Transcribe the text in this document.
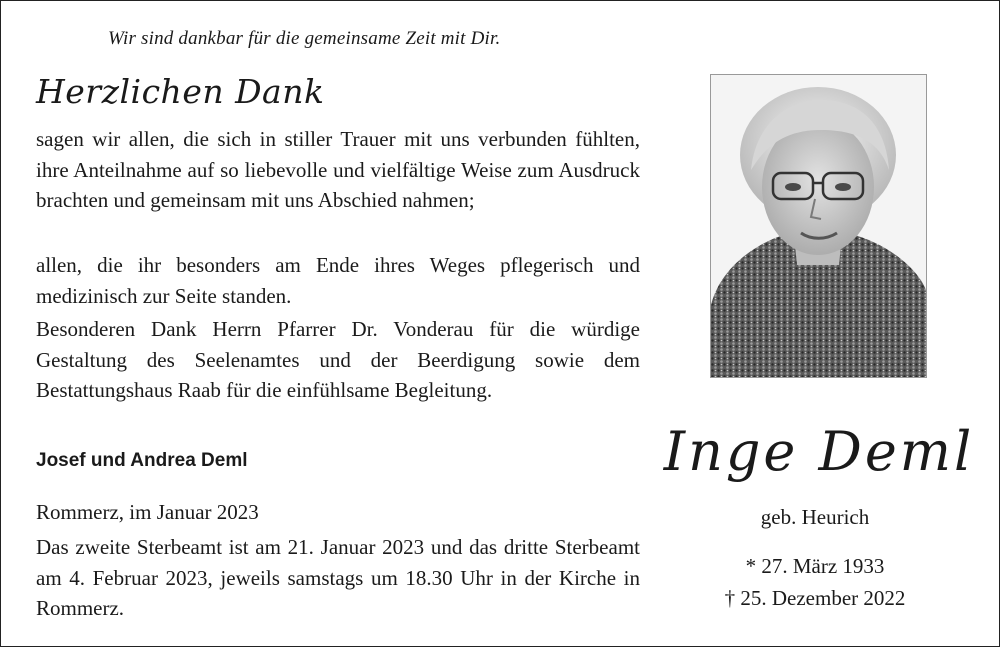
Wir sind dankbar für die gemeinsame Zeit mit Dir.
Herzlichen Dank
sagen wir allen, die sich in stiller Trauer mit uns verbunden fühlten, ihre Anteilnahme auf so liebevolle und vielfältige Weise zum Ausdruck brachten und gemeinsam mit uns Abschied nahmen;
allen, die ihr besonders am Ende ihres Weges pflegerisch und medizinisch zur Seite standen.
Besonderen Dank Herrn Pfarrer Dr. Vonderau für die würdige Gestaltung des Seelenamtes und der Beerdigung sowie dem Bestattungshaus Raab für die einfühlsame Begleitung.
Josef und Andrea Deml
Rommerz, im Januar 2023
Das zweite Sterbeamt ist am 21. Januar 2023 und das dritte Sterbeamt am 4. Februar 2023, jeweils samstags um 18.30 Uhr in der Kirche in Rommerz.
Inge Deml
geb. Heurich
* 27. März 1933
† 25. Dezember 2022
